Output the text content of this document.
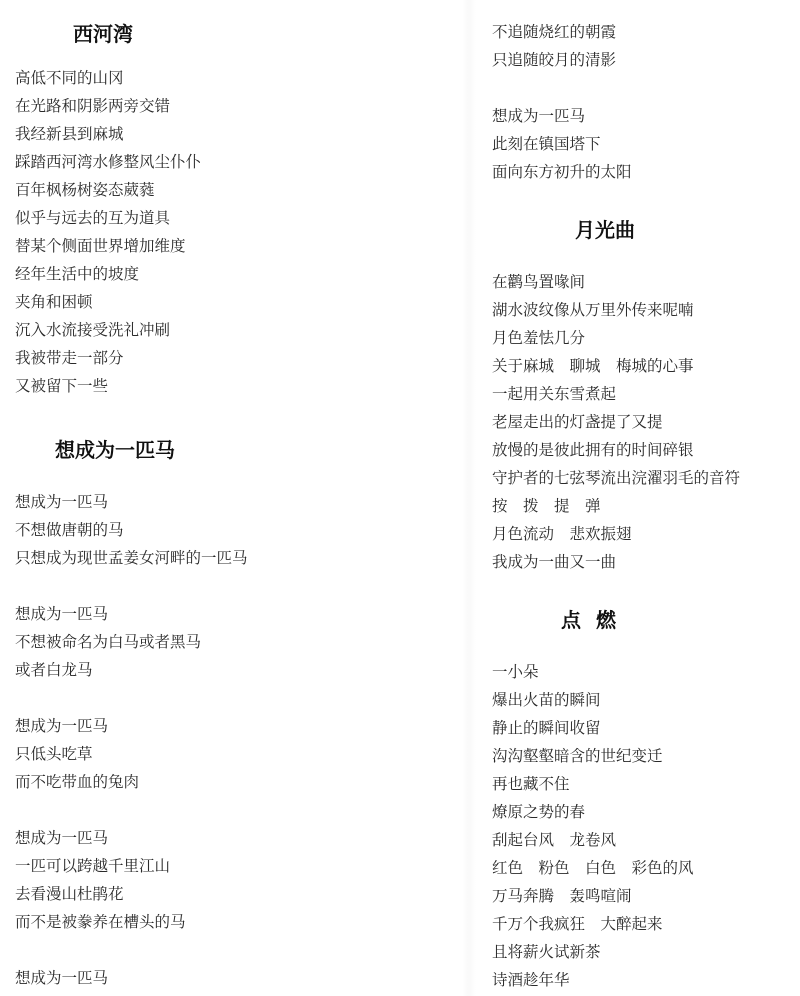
西河湾
高低不同的山冈
在光路和阴影两旁交错
我经新县到麻城
踩踏西河湾水修整风尘仆仆
百年枫杨树姿态葳蕤
似乎与远去的互为道具
替某个侧面世界增加维度
经年生活中的坡度
夹角和困顿
沉入水流接受洗礼冲刷
我被带走一部分
又被留下一些
想成为一匹马
想成为一匹马
不想做唐朝的马
只想成为现世孟姜女河畔的一匹马
想成为一匹马
不想被命名为白马或者黑马
或者白龙马
想成为一匹马
只低头吃草
而不吃带血的兔肉
想成为一匹马
一匹可以跨越千里江山
去看漫山杜鹃花
而不是被豢养在槽头的马
想成为一匹马
不追随烧红的朝霞
只追随皎月的清影
想成为一匹马
此刻在镇国塔下
面向东方初升的太阳
月光曲
在鹳鸟置喙间
湖水波纹像从万里外传来呢喃
月色羞怯几分
关于麻城　聊城　梅城的心事
一起用关东雪煮起
老屋走出的灯盏提了又提
放慢的是彼此拥有的时间碎银
守护者的七弦琴流出浣濯羽毛的音符
按　拨　提　弹
月色流动　悲欢振翅
我成为一曲又一曲
点 燃
一小朵
爆出火苗的瞬间
静止的瞬间收留
沟沟壑壑暗含的世纪变迁
再也藏不住
燎原之势的春
刮起台风　龙卷风
红色　粉色　白色　彩色的风
万马奔腾　轰鸣喧闹
千万个我疯狂　大醉起来
且将薪火试新茶
诗酒趁年华
